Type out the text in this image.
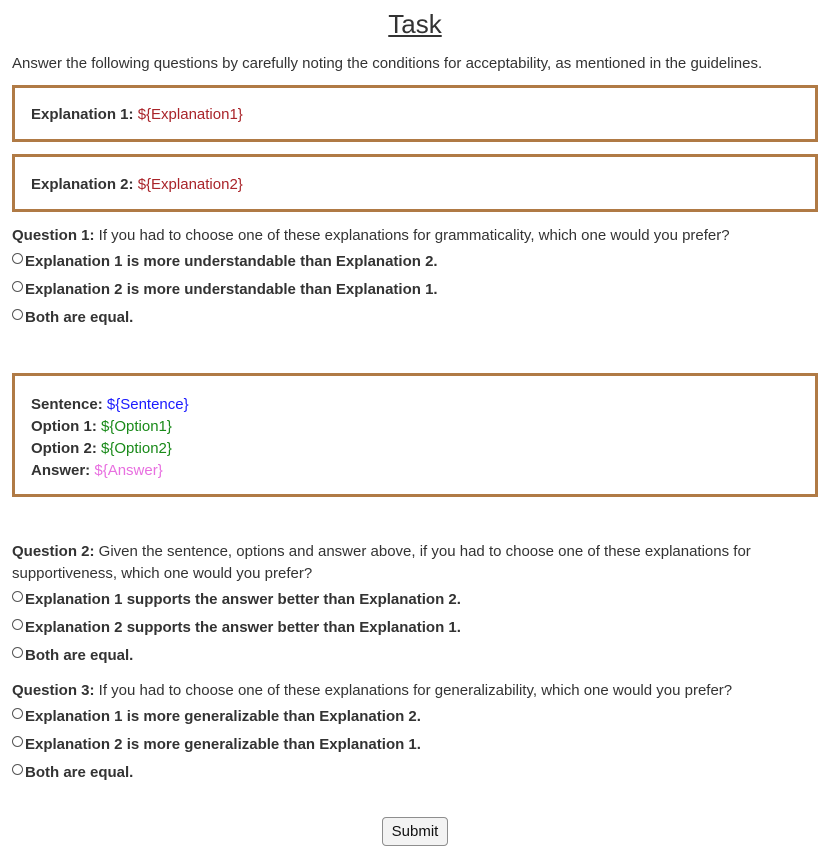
Task
Answer the following questions by carefully noting the conditions for acceptability, as mentioned in the guidelines.
Explanation 1: ${Explanation1}
Explanation 2: ${Explanation2}
Question 1: If you had to choose one of these explanations for grammaticality, which one would you prefer?
Explanation 1 is more understandable than Explanation 2.
Explanation 2 is more understandable than Explanation 1.
Both are equal.
Sentence: ${Sentence}
Option 1: ${Option1}
Option 2: ${Option2}
Answer: ${Answer}
Question 2: Given the sentence, options and answer above, if you had to choose one of these explanations for supportiveness, which one would you prefer?
Explanation 1 supports the answer better than Explanation 2.
Explanation 2 supports the answer better than Explanation 1.
Both are equal.
Question 3: If you had to choose one of these explanations for generalizability, which one would you prefer?
Explanation 1 is more generalizable than Explanation 2.
Explanation 2 is more generalizable than Explanation 1.
Both are equal.
Submit
